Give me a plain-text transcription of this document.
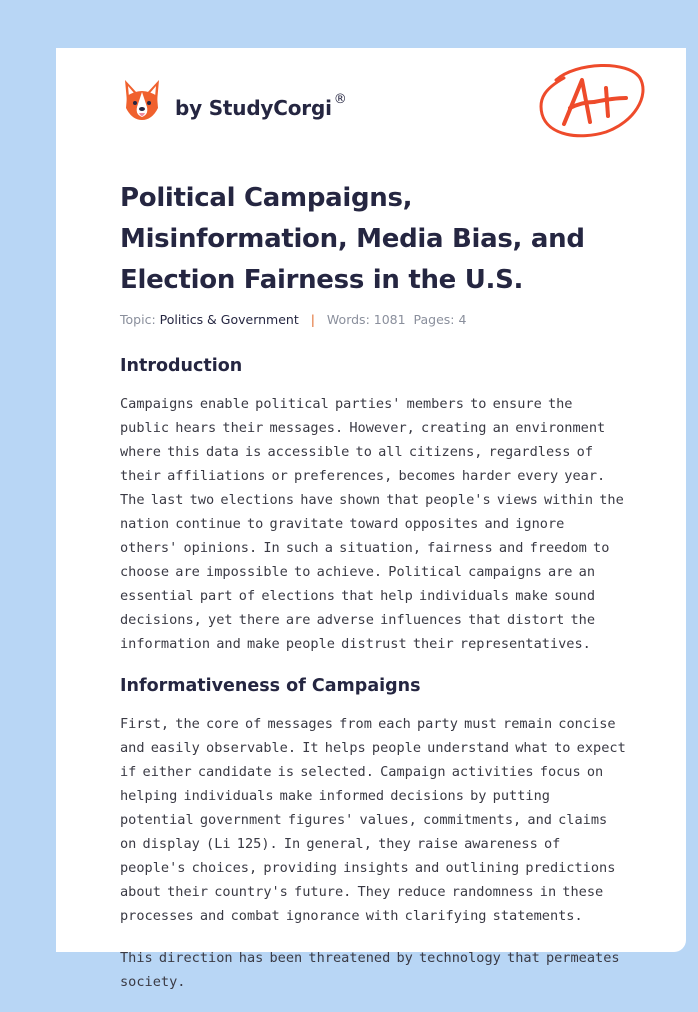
by StudyCorgi ®
Political Campaigns, Misinformation, Media Bias, and Election Fairness in the U.S.
Topic: Politics & Government | Words: 1081 Pages: 4
Introduction

Campaigns enable political parties' members to ensure the public hears their messages. However, creating an environment where this data is accessible to all citizens, regardless of their affiliations or preferences, becomes harder every year. The last two elections have shown that people's views within the nation continue to gravitate toward opposites and ignore others' opinions. In such a situation, fairness and freedom to choose are impossible to achieve. Political campaigns are an essential part of elections that help individuals make sound decisions, yet there are adverse influences that distort the information and make people distrust their representatives.

Informativeness of Campaigns

First, the core of messages from each party must remain concise and easily observable. It helps people understand what to expect if either candidate is selected. Campaign activities focus on helping individuals make informed decisions by putting potential government figures' values, commitments, and claims on display (Li 125). In general, they raise awareness of people's choices, providing insights and outlining predictions about their country's future. They reduce randomness in these processes and combat ignorance with clarifying statements.

This direction has been threatened by technology that permeates society.
